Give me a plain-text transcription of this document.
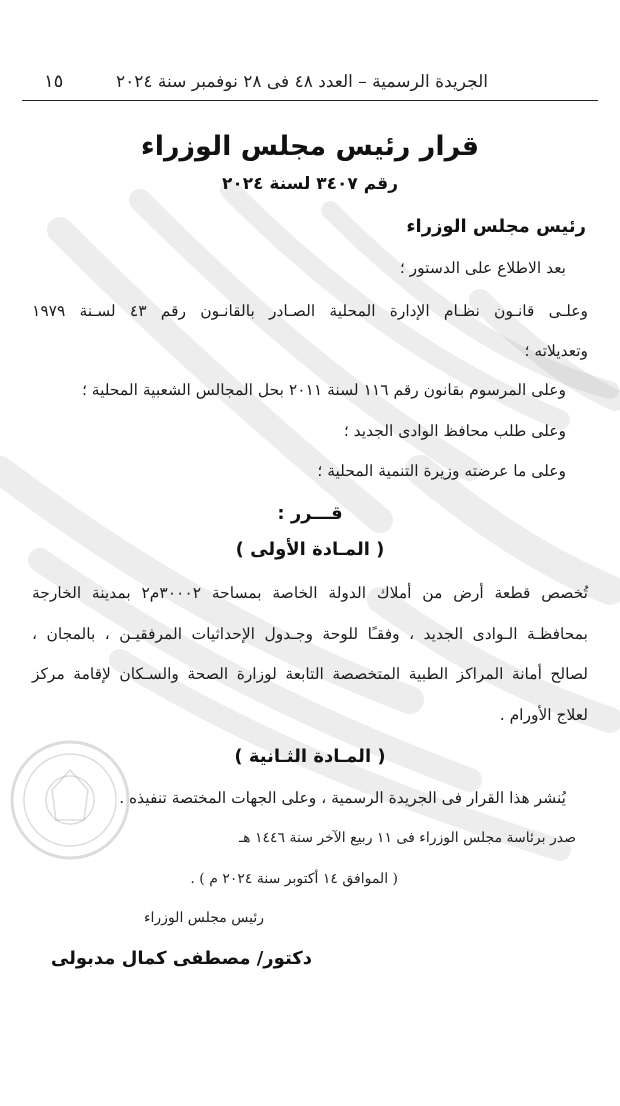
الجريدة الرسمية – العدد ٤٨ فى ٢٨ نوفمبر سنة ٢٠٢٤
١٥
قرار رئيس مجلس الوزراء
رقم ٣٤٠٧ لسنة ٢٠٢٤
رئيس مجلس الوزراء
بعد الاطلاع على الدستور ؛
وعلـى قانـون نظـام الإدارة المحلية الصـادر بالقانـون رقم ٤٣ لسـنة ١٩٧٩
وتعديلاته ؛
وعلى المرسوم بقانون رقم ١١٦ لسنة ٢٠١١ بحل المجالس الشعبية المحلية ؛
وعلى طلب محافظ الوادى الجديد ؛
وعلى ما عرضته وزيرة التنمية المحلية ؛
قـــرر :
( المـادة الأولى )
تُخصص قطعة أرض من أملاك الدولة الخاصة بمساحة ٣٠٠٠٢م٢ بمدينة الخارجة
بمحافظـة الـوادى الجديد ، وفقـًا للوحة وجـدول الإحداثيات المرفقيـن ، بالمجان ،
لصالح أمانة المراكز الطبية المتخصصة التابعة لوزارة الصحة والسـكان لإقامة مركز
لعلاج الأورام .
( المـادة الثـانية )
يُنشر هذا القرار فى الجريدة الرسمية ، وعلى الجهات المختصة تنفيذه .
صدر برئاسة مجلس الوزراء فى ١١ ربيع الآخر سنة ١٤٤٦ هـ
( الموافق ١٤ أكتوبر سنة ٢٠٢٤ م ) .
رئيس مجلس الوزراء
دكتور/ مصطفى كمال مدبولى
